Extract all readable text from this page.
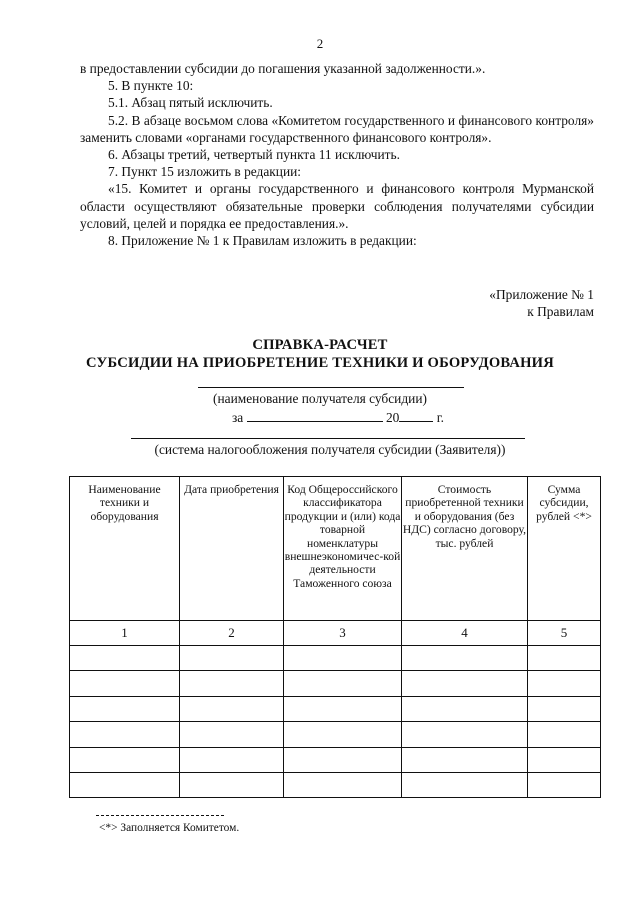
2

в предоставлении субсидии до погашения указанной задолженности.».

5. В пункте 10:

5.1. Абзац пятый исключить.

5.2. В абзаце восьмом слова «Комитетом государственного и финансового контроля» заменить словами «органами государственного финансового контроля».

6. Абзацы третий, четвертый пункта 11 исключить.

7. Пункт 15 изложить в редакции:

«15. Комитет и органы государственного и финансового контроля Мурманской области осуществляют обязательные проверки соблюдения получателями субсидии условий, целей и порядка ее предоставления.».

8. Приложение № 1 к Правилам изложить в редакции:

«Приложение № 1
к Правилам
СПРАВКА-РАСЧЕТ
СУБСИДИИ НА ПРИОБРЕТЕНИЕ ТЕХНИКИ И ОБОРУДОВАНИЯ
(наименование получателя субсидии)
за	20	г.
(система налогообложения получателя субсидии (Заявителя))
Наименование техники и оборудования	Дата приобретения	Код Общероссийского классификатора продукции и (или) кода товарной номенклатуры внешнеэкономичес-кой деятельности Таможенного союза	Стоимость приобретенной техники и оборудования (без НДС) согласно договору, тыс. рублей	Сумма субсидии, рублей <*>
1	2	3	4	5

<*> Заполняется Комитетом.
